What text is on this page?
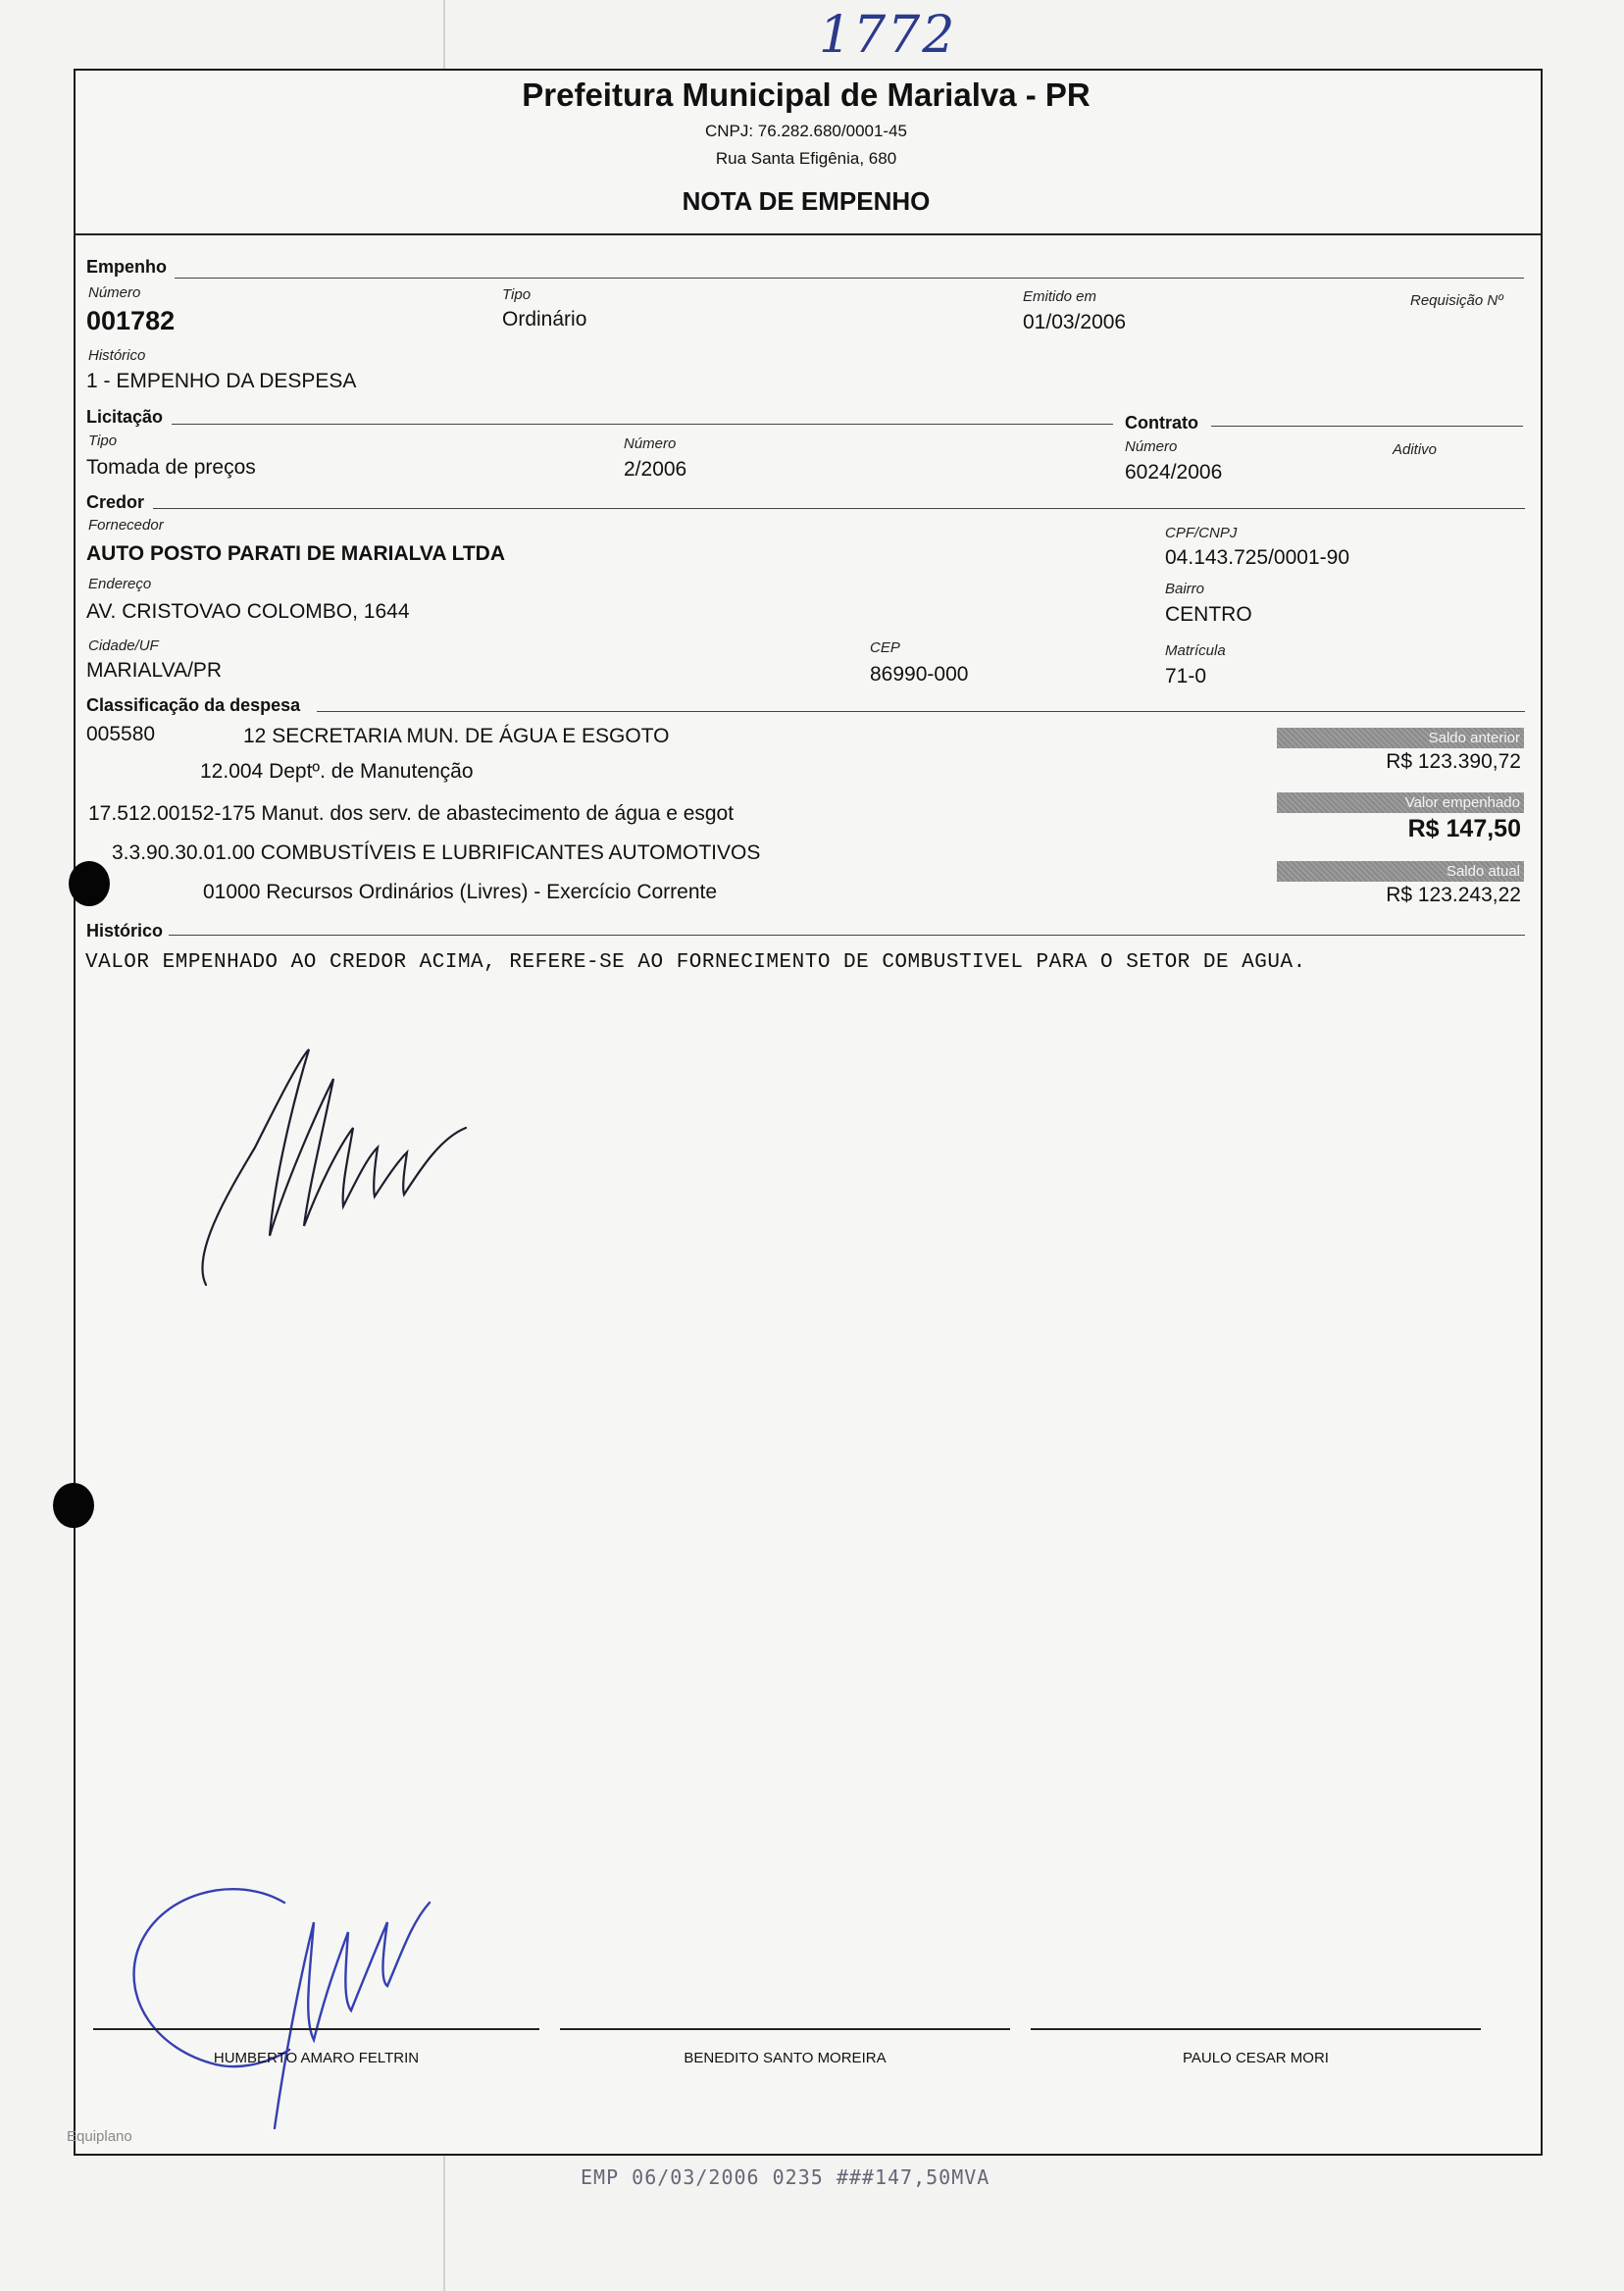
1772
Prefeitura Municipal de Marialva - PR
CNPJ: 76.282.680/0001-45
Rua Santa Efigênia, 680
NOTA DE EMPENHO
Empenho
Número
001782
Tipo
Ordinário
Emitido em
01/03/2006
Requisição Nº
Histórico
1 - EMPENHO DA DESPESA
Licitação	Contrato
Tipo
Tomada de preços
Número
2/2006
Número
6024/2006
Aditivo
Credor
Fornecedor
AUTO POSTO PARATI DE MARIALVA LTDA
CPF/CNPJ
04.143.725/0001-90
Endereço
AV. CRISTOVAO COLOMBO, 1644
Bairro
CENTRO
Cidade/UF
MARIALVA/PR
CEP
86990-000
Matrícula
71-0
Classificação da despesa
005580	12 SECRETARIA MUN. DE ÁGUA E ESGOTO
12.004 Deptº. de Manutenção
17.512.00152-175 Manut. dos serv. de abastecimento de água e esgot
3.3.90.30.01.00 COMBUSTÍVEIS E LUBRIFICANTES AUTOMOTIVOS
01000 Recursos Ordinários (Livres) - Exercício Corrente
Saldo anterior
R$ 123.390,72
Valor empenhado
R$ 147,50
Saldo atual
R$ 123.243,22
Histórico
VALOR EMPENHADO AO CREDOR ACIMA, REFERE-SE AO FORNECIMENTO DE COMBUSTIVEL PARA O SETOR DE AGUA.
HUMBERTO AMARO FELTRIN	BENEDITO SANTO MOREIRA	PAULO CESAR MORI
Equiplano
EMP 06/03/2006 0235 ###147,50MVA
